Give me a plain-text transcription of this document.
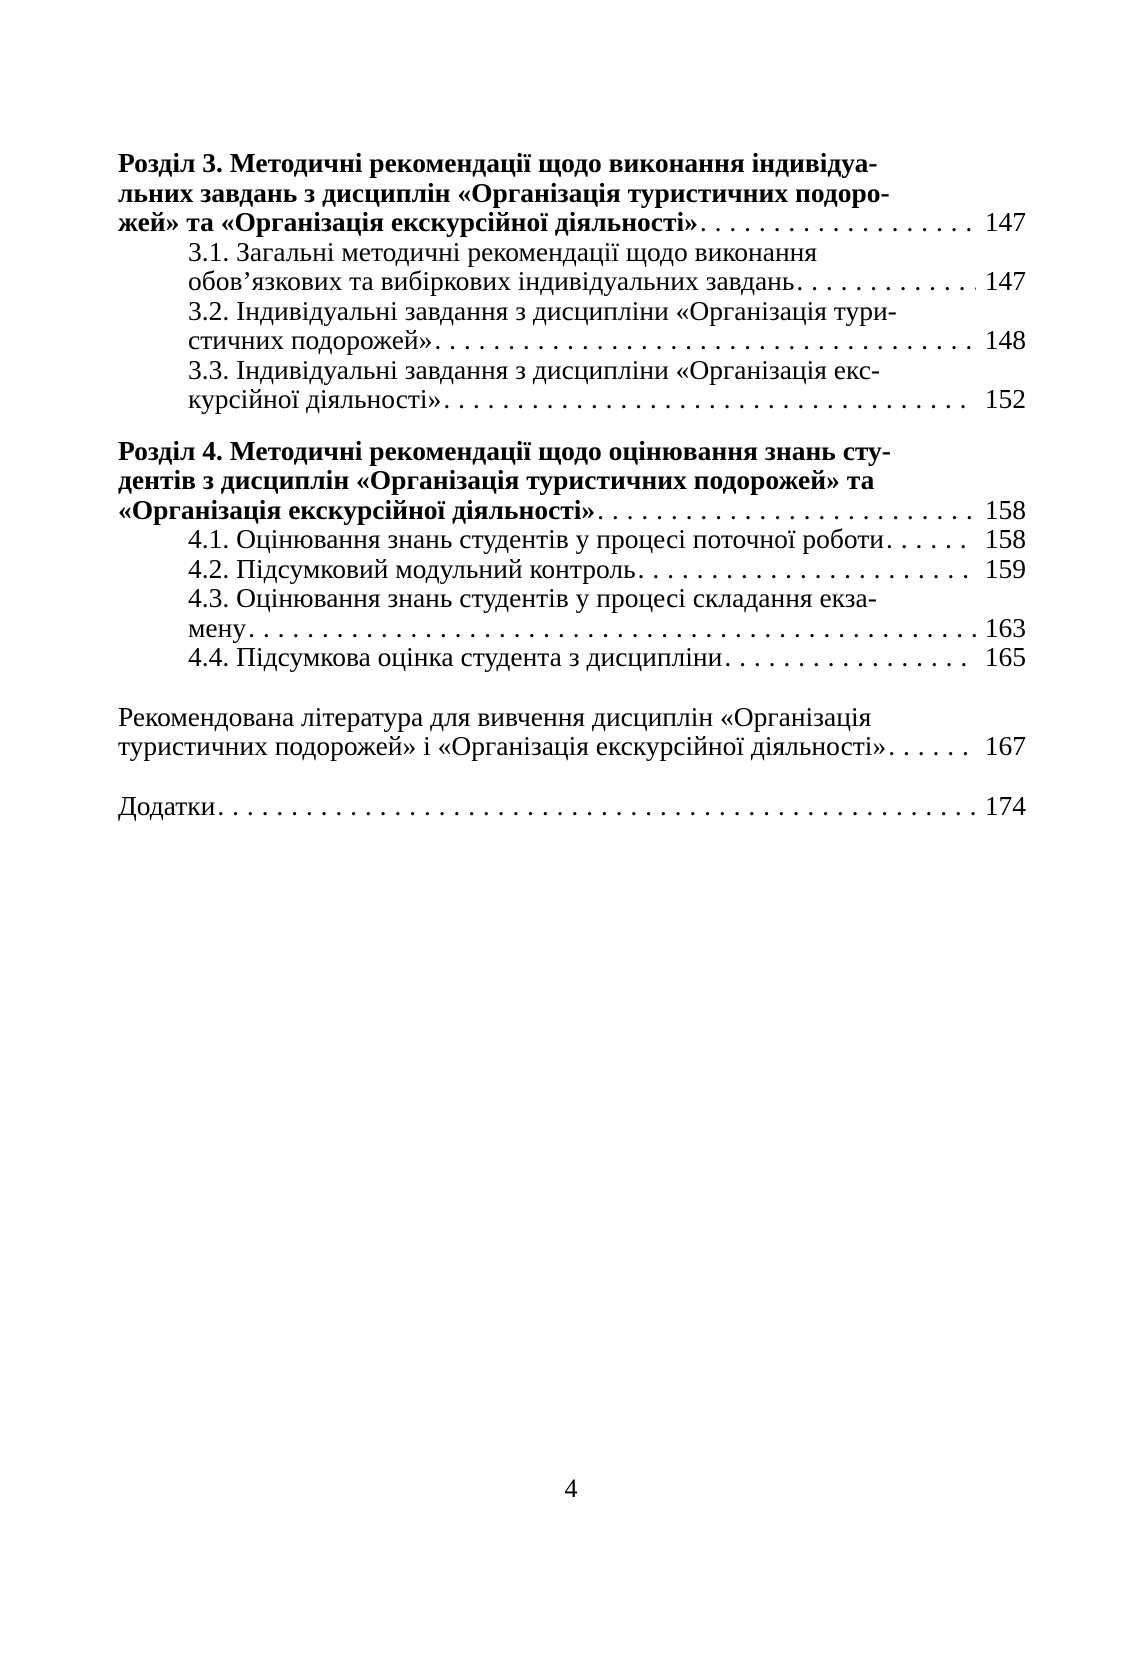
Розділ 3. Методичні рекомендації щодо виконання індивідуа-
льних завдань з дисциплін «Організація туристичних подоро-
жей» та «Організація екскурсійної діяльності» . . .	147
3.1. Загальні методичні рекомендації щодо виконання
обов’язкових та вибіркових індивідуальних завдань . . .	147
3.2. Індивідуальні завдання з дисципліни «Організація тури-
стичних подорожей» . . .	148
3.3. Індивідуальні завдання з дисципліни «Організація екс-
курсійної діяльності» . . .	152
Розділ 4. Методичні рекомендації щодо оцінювання знань сту-
дентів з дисциплін «Організація туристичних подорожей» та
«Організація екскурсійної діяльності» . . .	158
4.1. Оцінювання знань студентів у процесі поточної роботи . . .	158
4.2. Підсумковий модульний контроль . . .	159
4.3. Оцінювання знань студентів у процесі складання екза-
мену . . .	163
4.4. Підсумкова оцінка студента з дисципліни . . .	165
Рекомендована література для вивчення дисциплін «Організація
туристичних подорожей» і «Організація екскурсійної діяльності» . . .	167
Додатки . . .	174
4
